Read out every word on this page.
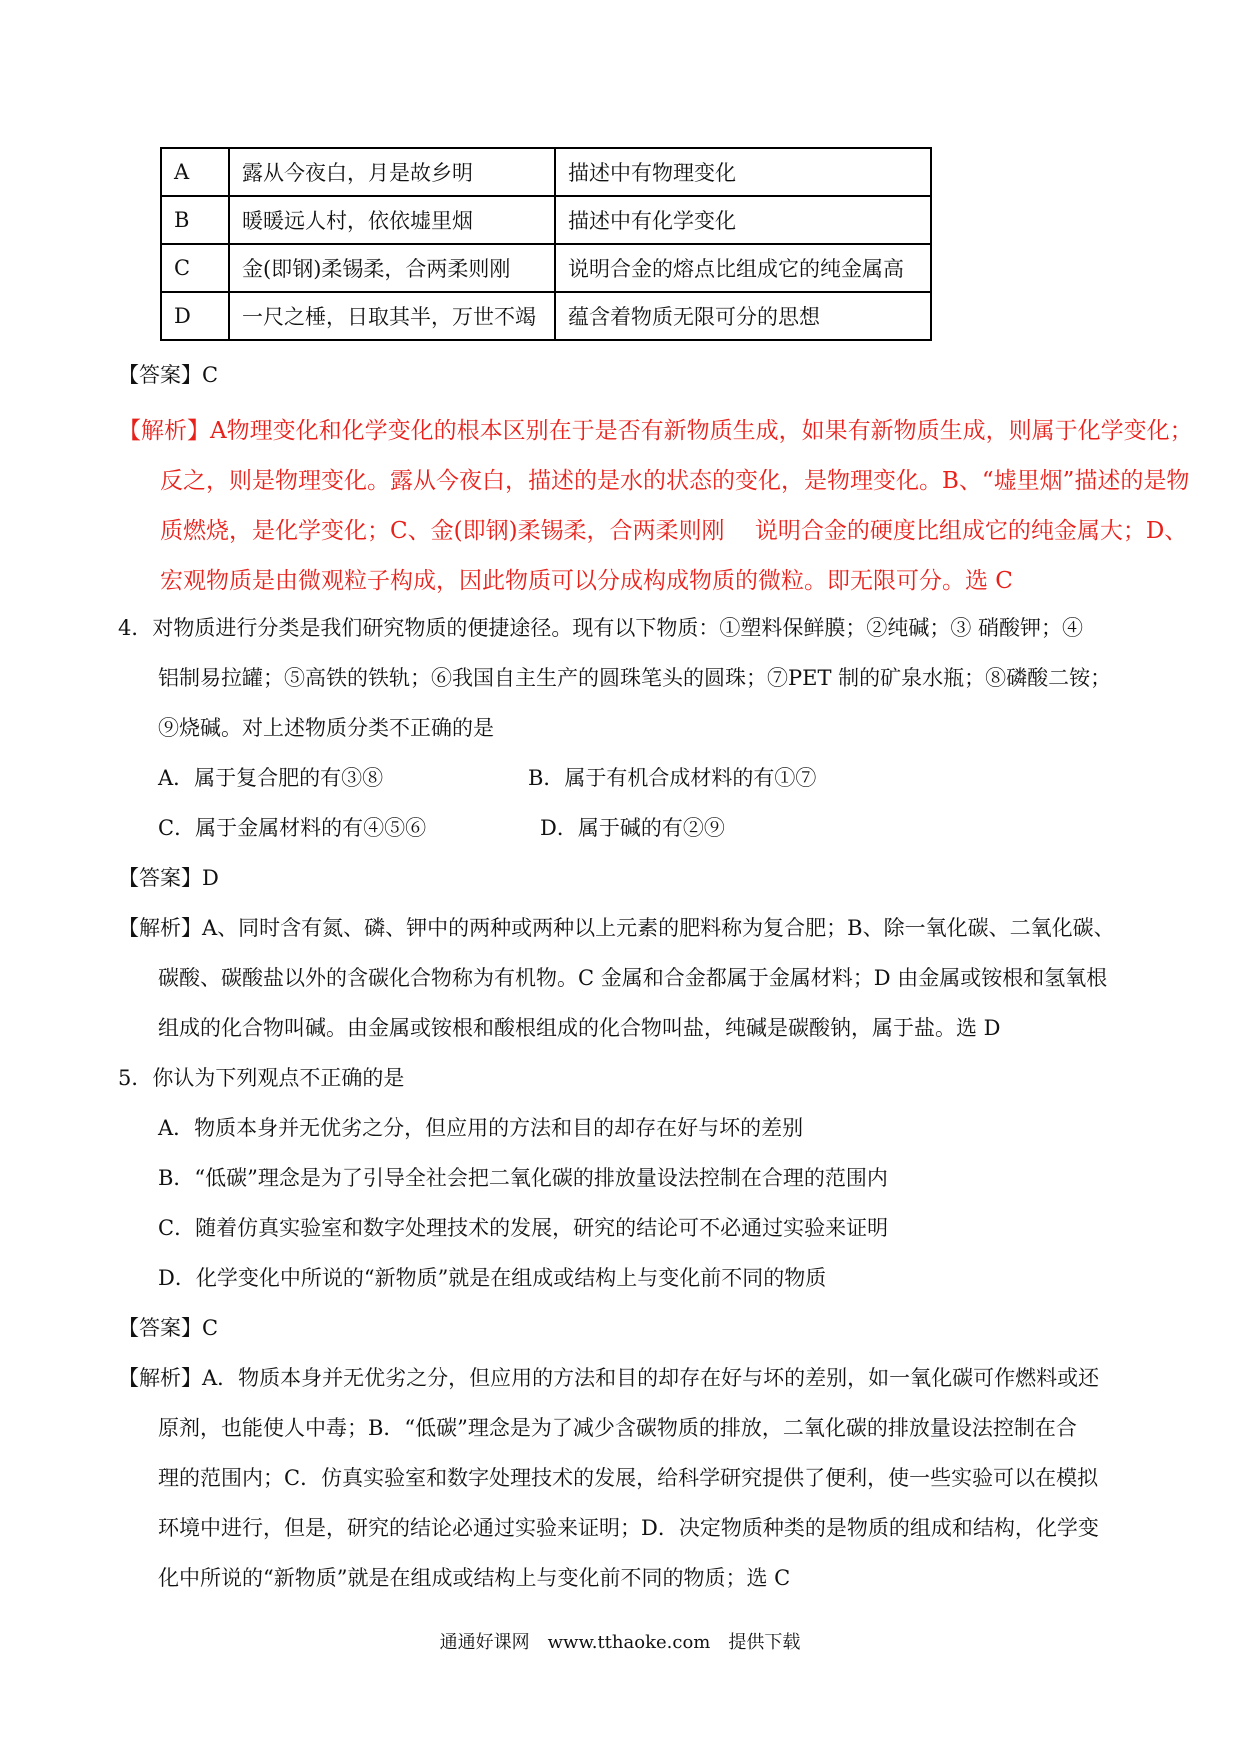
A	露从今夜白，月是故乡明	描述中有物理变化
B	暖暖远人村，依依墟里烟	描述中有化学变化
C	金(即钢)柔锡柔，合两柔则刚	说明合金的熔点比组成它的纯金属高
D	一尺之棰，日取其半，万世不竭	蕴含着物质无限可分的思想
【答案】C
【解析】A物理变化和化学变化的根本区别在于是否有新物质生成，如果有新物质生成，则属于化学变化；
反之，则是物理变化。露从今夜白，描述的是水的状态的变化，是物理变化。B、“墟里烟”描述的是物
质燃烧，是化学变化；C、金(即钢)柔锡柔，合两柔则刚　 说明合金的硬度比组成它的纯金属大；D、
宏观物质是由微观粒子构成，因此物质可以分成构成物质的微粒。即无限可分。选 C
4．对物质进行分类是我们研究物质的便捷途径。现有以下物质：①塑料保鲜膜；②纯碱；③ 硝酸钾；④
铝制易拉罐；⑤高铁的铁轨；⑥我国自主生产的圆珠笔头的圆珠；⑦PET 制的矿泉水瓶；⑧磷酸二铵；
⑨烧碱。对上述物质分类不正确的是
A．属于复合肥的有③⑧	B．属于有机合成材料的有①⑦
C．属于金属材料的有④⑤⑥	D．属于碱的有②⑨
【答案】D
【解析】A、同时含有氮、磷、钾中的两种或两种以上元素的肥料称为复合肥；B、除一氧化碳、二氧化碳、
碳酸、碳酸盐以外的含碳化合物称为有机物。C 金属和合金都属于金属材料；D 由金属或铵根和氢氧根
组成的化合物叫碱。由金属或铵根和酸根组成的化合物叫盐，纯碱是碳酸钠，属于盐。选 D
5．你认为下列观点不正确的是
A．物质本身并无优劣之分，但应用的方法和目的却存在好与坏的差别
B．“低碳”理念是为了引导全社会把二氧化碳的排放量设法控制在合理的范围内
C．随着仿真实验室和数字处理技术的发展，研究的结论可不必通过实验来证明
D．化学变化中所说的“新物质”就是在组成或结构上与变化前不同的物质
【答案】C
【解析】A．物质本身并无优劣之分，但应用的方法和目的却存在好与坏的差别，如一氧化碳可作燃料或还
原剂，也能使人中毒；B．“低碳”理念是为了减少含碳物质的排放，二氧化碳的排放量设法控制在合
理的范围内；C．仿真实验室和数字处理技术的发展，给科学研究提供了便利，使一些实验可以在模拟
环境中进行，但是，研究的结论必通过实验来证明；D．决定物质种类的是物质的组成和结构，化学变
化中所说的“新物质”就是在组成或结构上与变化前不同的物质；选 C
通通好课网　www.tthaoke.com　提供下载
